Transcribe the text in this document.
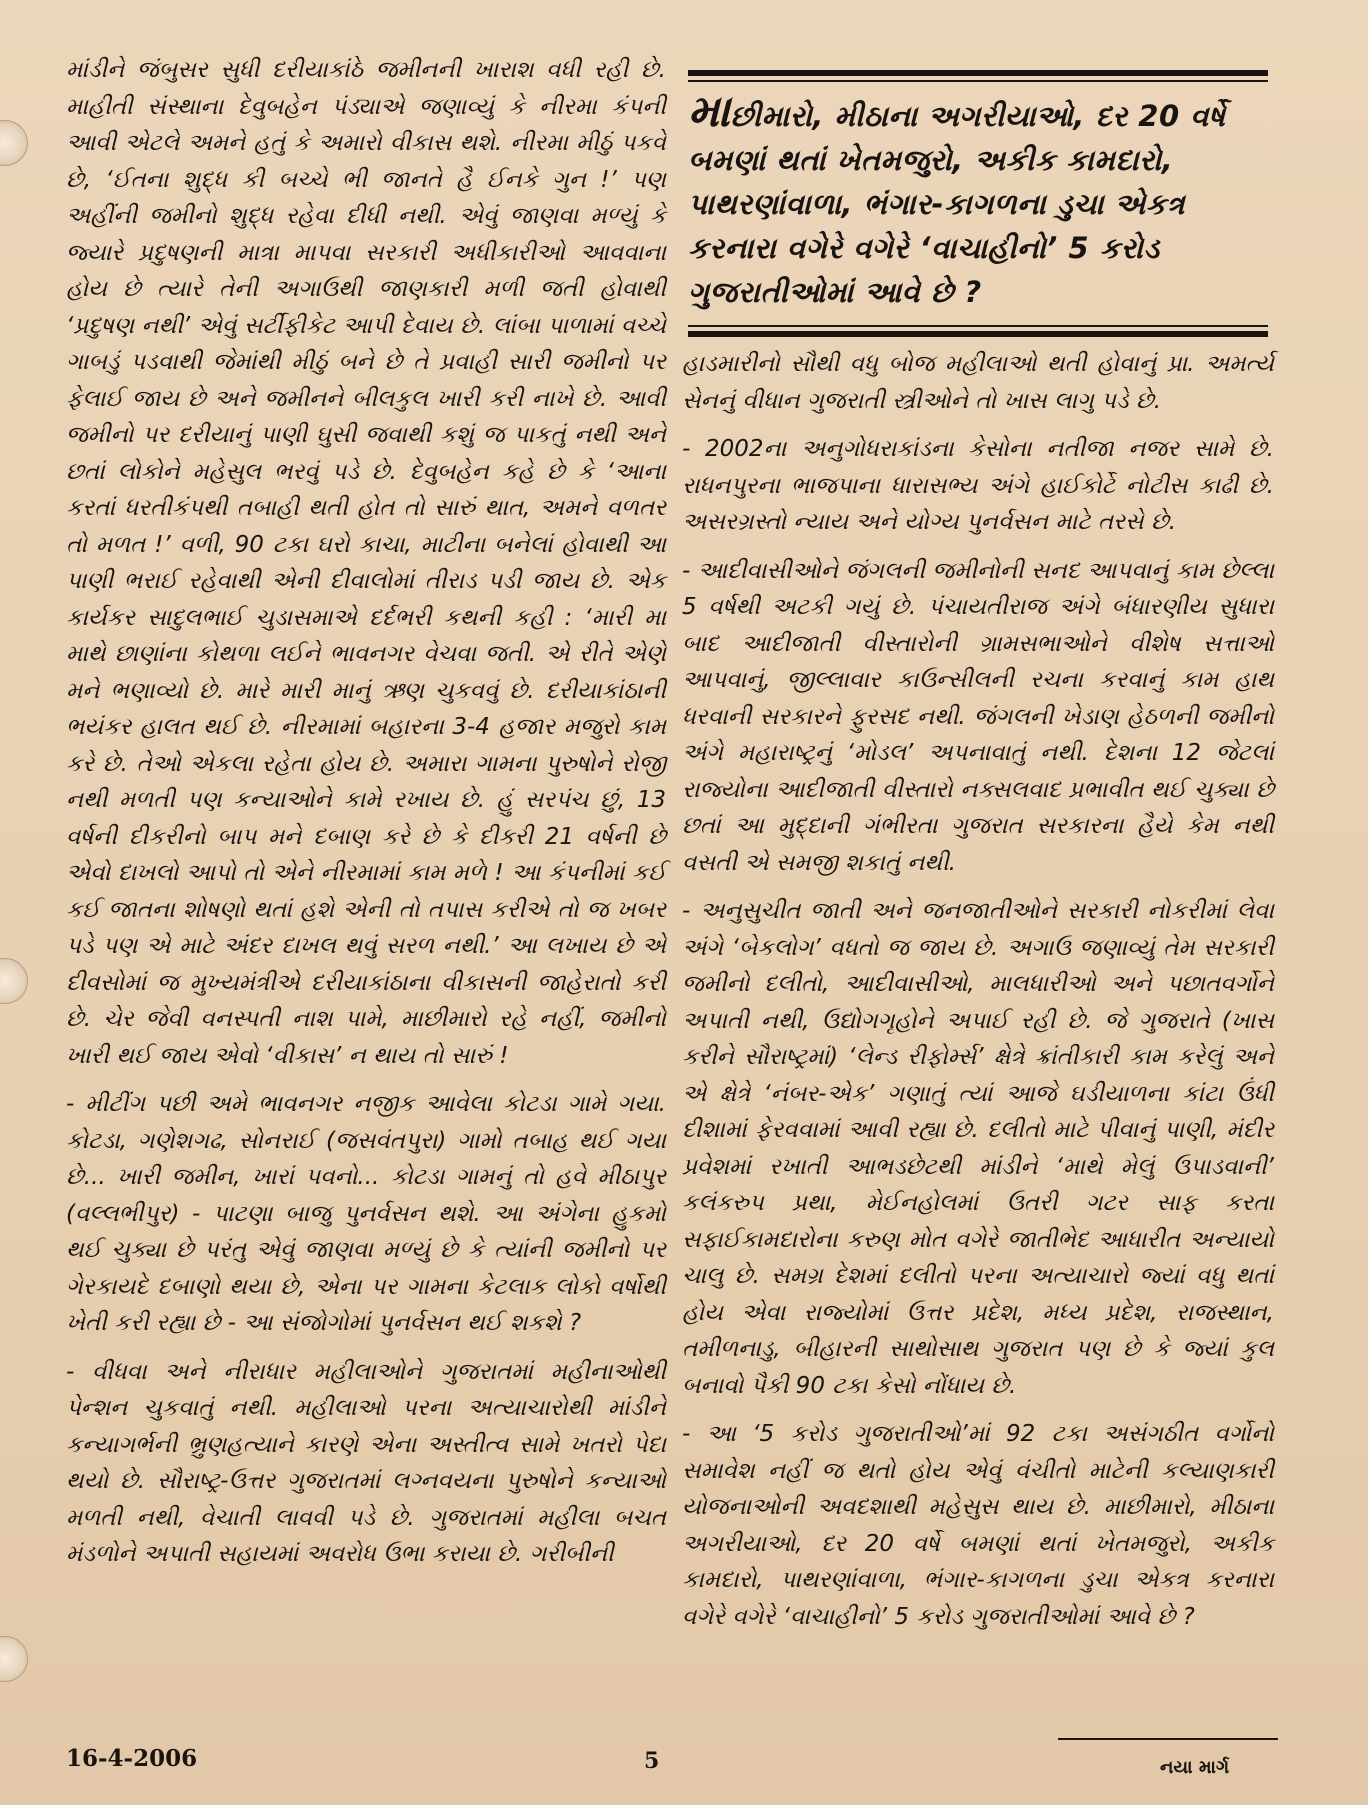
માંડીને જંબુસર સુધી દરીયાકાંઠે જમીનની ખારાશ વધી રહી છે. માહીતી સંસ્થાના દેવુબહેન પંડ્યાએ જણાવ્યું કે નીરમા કંપની આવી એટલે અમને હતું કે અમારો વીકાસ થશે. નીરમા મીઠું પકવે છે, ‘ઈતના શુદ્ધ કી બચ્ચે ભી જાનતે હૈ ઈનકે ગુન !’ પણ અહીંની જમીનો શુદ્ધ રહેવા દીધી નથી. એવું જાણવા મળ્યું કે જ્યારે પ્રદુષણની માત્રા માપવા સરકારી અધીકારીઓ આવવાના હોય છે ત્યારે તેની અગાઉથી જાણકારી મળી જતી હોવાથી ‘પ્રદુષણ નથી’ એવું સર્ટીફીકેટ આપી દેવાય છે. લાંબા પાળામાં વચ્ચે ગાબડું પડવાથી જેમાંથી મીઠું બને છે તે પ્રવાહી સારી જમીનો પર ફેલાઈ જાય છે અને જમીનને બીલકુલ ખારી કરી નાખે છે. આવી જમીનો પર દરીયાનું પાણી ઘુસી જવાથી કશું જ પાકતું નથી અને છતાં લોકોને મહેસુલ ભરવું પડે છે. દેવુબહેન કહે છે કે ‘આના કરતાં ધરતીકંપથી તબાહી થતી હોત તો સારું થાત, અમને વળતર તો મળત !’ વળી, 90 ટકા ઘરો કાચા, માટીના બનેલાં હોવાથી આ પાણી ભરાઈ રહેવાથી એની દીવાલોમાં તીરાડ પડી જાય છે. એક કાર્યકર સાદુલભાઈ ચુડાસમાએ દર્દભરી કથની કહી : ‘મારી મા માથે છાણાંના કોથળા લઈને ભાવનગર વેચવા જતી. એ રીતે એણે મને ભણાવ્યો છે. મારે મારી માનું ઋણ ચુકવવું છે. દરીયાકાંઠાની ભયંકર હાલત થઈ છે. નીરમામાં બહારના 3-4 હજાર મજુરો કામ કરે છે. તેઓ એકલા રહેતા હોય છે. અમારા ગામના પુરુષોને રોજી નથી મળતી પણ કન્યાઓને કામે રખાય છે. હું સરપંચ છું, 13 વર્ષની દીકરીનો બાપ મને દબાણ કરે છે કે દીકરી 21 વર્ષની છે એવો દાખલો આપો તો એને નીરમામાં કામ મળે ! આ કંપનીમાં કઈ કઈ જાતના શોષણો થતાં હશે એની તો તપાસ કરીએ તો જ ખબર પડે પણ એ માટે અંદર દાખલ થવું સરળ નથી.’ આ લખાય છે એ દીવસોમાં જ મુખ્યમંત્રીએ દરીયાકાંઠાના વીકાસની જાહેરાતો કરી છે. ચેર જેવી વનસ્પતી નાશ પામે, માછીમારો રહે નહીં, જમીનો ખારી થઈ જાય એવો ‘વીકાસ’ ન થાય તો સારું !

- મીટીંગ પછી અમે ભાવનગર નજીક આવેલા કોટડા ગામે ગયા. કોટડા, ગણેશગઢ, સોનરાઈ (જસવંતપુરા) ગામો તબાહ થઈ ગયા છે... ખારી જમીન, ખારાં પવનો... કોટડા ગામનું તો હવે મીઠાપુર (વલ્લભીપુર) - પાટણા બાજુ પુનર્વસન થશે. આ અંગેના હુકમો થઈ ચુક્યા છે પરંતુ એવું જાણવા મળ્યું છે કે ત્યાંની જમીનો પર ગેરકાયદે દબાણો થયા છે, એના પર ગામના કેટલાક લોકો વર્ષોથી ખેતી કરી રહ્યા છે - આ સંજોગોમાં પુનર્વસન થઈ શકશે ?

- વીધવા અને નીરાધાર મહીલાઓને ગુજરાતમાં મહીનાઓથી પેન્શન ચુકવાતું નથી. મહીલાઓ પરના અત્યાચારોથી માંડીને કન્યાગર્ભની ભ્રુણહત્યાને કારણે એના અસ્તીત્વ સામે ખતરો પેદા થયો છે. સૌરાષ્ટ્ર-ઉત્તર ગુજરાતમાં લગ્નવયના પુરુષોને કન્યાઓ મળતી નથી, વેચાતી લાવવી પડે છે. ગુજરાતમાં મહીલા બચત મંડળોને અપાતી સહાયમાં અવરોધ ઉભા કરાયા છે. ગરીબીની

માછીમારો, મીઠાના અગરીયાઓ, દર 20 વર્ષે બમણાં થતાં ખેતમજુરો, અકીક કામદારો, પાથરણાંવાળા, ભંગાર-કાગળના ડુચા એકત્ર કરનારા વગેરે વગેરે ‘વાચાહીનો’ 5 કરોડ ગુજરાતીઓમાં આવે છે ?

હાડમારીનો સૌથી વધુ બોજ મહીલાઓ થતી હોવાનું પ્રા. અમર્ત્ય સેનનું વીધાન ગુજરાતી સ્ત્રીઓને તો ખાસ લાગુ પડે છે.

- 2002ના અનુગોધરાકાંડના કેસોના નતીજા નજર સામે છે. રાધનપુરના ભાજપાના ધારાસભ્ય અંગે હાઈકોર્ટે નોટીસ કાઢી છે. અસરગ્રસ્તો ન્યાય અને યોગ્ય પુનર્વસન માટે તરસે છે.

- આદીવાસીઓને જંગલની જમીનોની સનદ આપવાનું કામ છેલ્લા 5 વર્ષથી અટકી ગયું છે. પંચાયતીરાજ અંગે બંધારણીય સુધારા બાદ આદીજાતી વીસ્તારોની ગ્રામસભાઓને વીશેષ સત્તાઓ આપવાનું, જીલ્લાવાર કાઉન્સીલની રચના કરવાનું કામ હાથ ધરવાની સરકારને ફુરસદ નથી. જંગલની ખેડાણ હેઠળની જમીનો અંગે મહારાષ્ટ્રનું ‘મોડલ’ અપનાવાતું નથી. દેશના 12 જેટલાં રાજ્યોના આદીજાતી વીસ્તારો નક્સલવાદ પ્રભાવીત થઈ ચુક્યા છે છતાં આ મુદ્દાની ગંભીરતા ગુજરાત સરકારના હૈયે કેમ નથી વસતી એ સમજી શકાતું નથી.

- અનુસુચીત જાતી અને જનજાતીઓને સરકારી નોકરીમાં લેવા અંગે ‘બેકલોગ’ વધતો જ જાય છે. અગાઉ જણાવ્યું તેમ સરકારી જમીનો દલીતો, આદીવાસીઓ, માલધારીઓ અને પછાતવર્ગોને અપાતી નથી, ઉદ્યોગગૃહોને અપાઈ રહી છે. જે ગુજરાતે (ખાસ કરીને સૌરાષ્ટ્રમાં) ‘લેન્ડ રીફોર્મ્સ’ ક્ષેત્રે ક્રાંતીકારી કામ કરેલું અને એ ક્ષેત્રે ‘નંબર-એક’ ગણાતું ત્યાં આજે ઘડીયાળના કાંટા ઉંધી દીશામાં ફેરવવામાં આવી રહ્યા છે. દલીતો માટે પીવાનું પાણી, મંદીર પ્રવેશમાં રખાતી આભડછેટથી માંડીને ‘માથે મેલું ઉપાડવાની’ કલંકરુપ પ્રથા, મેઈનહોલમાં ઉતરી ગટર સાફ કરતા સફાઈકામદારોના કરુણ મોત વગેરે જાતીભેદ આધારીત અન્યાયો ચાલુ છે. સમગ્ર દેશમાં દલીતો પરના અત્યાચારો જ્યાં વધુ થતાં હોય એવા રાજ્યોમાં ઉત્તર પ્રદેશ, મધ્ય પ્રદેશ, રાજસ્થાન, તમીળનાડુ, બીહારની સાથોસાથ ગુજરાત પણ છે કે જ્યાં કુલ બનાવો પૈકી 90 ટકા કેસો નોંધાય છે.

- આ ‘5 કરોડ ગુજરાતીઓ’માં 92 ટકા અસંગઠીત વર્ગોનો સમાવેશ નહીં જ થતો હોય એવું વંચીતો માટેની કલ્યાણકારી યોજનાઓની અવદશાથી મહેસુસ થાય છે. માછીમારો, મીઠાના અગરીયાઓ, દર 20 વર્ષે બમણાં થતાં ખેતમજુરો, અકીક કામદારો, પાથરણાંવાળા, ભંગાર-કાગળના ડુચા એકત્ર કરનારા વગેરે વગેરે ‘વાચાહીનો’ 5 કરોડ ગુજરાતીઓમાં આવે છે ?

16-4-2006	5	નયા માર્ગ
